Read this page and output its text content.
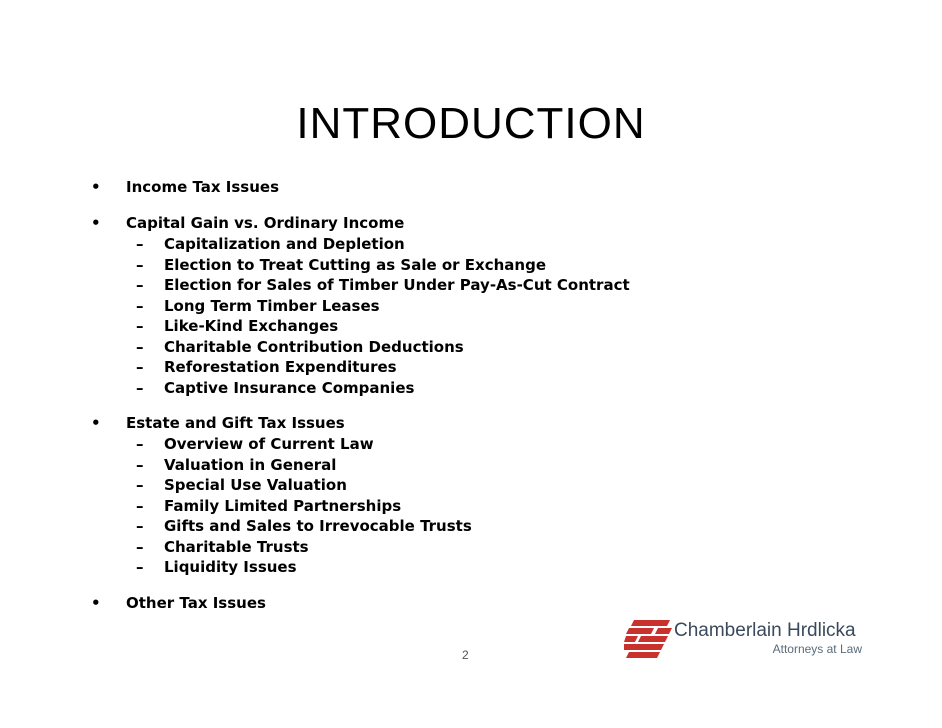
INTRODUCTION
• Income Tax Issues
• Capital Gain vs. Ordinary Income
– Capitalization and Depletion
– Election to Treat Cutting as Sale or Exchange
– Election for Sales of Timber Under Pay-As-Cut Contract
– Long Term Timber Leases
– Like-Kind Exchanges
– Charitable Contribution Deductions
– Reforestation Expenditures
– Captive Insurance Companies
• Estate and Gift Tax Issues
– Overview of Current Law
– Valuation in General
– Special Use Valuation
– Family Limited Partnerships
– Gifts and Sales to Irrevocable Trusts
– Charitable Trusts
– Liquidity Issues
• Other Tax Issues
Chamberlain Hrdlicka
Attorneys at Law
2
